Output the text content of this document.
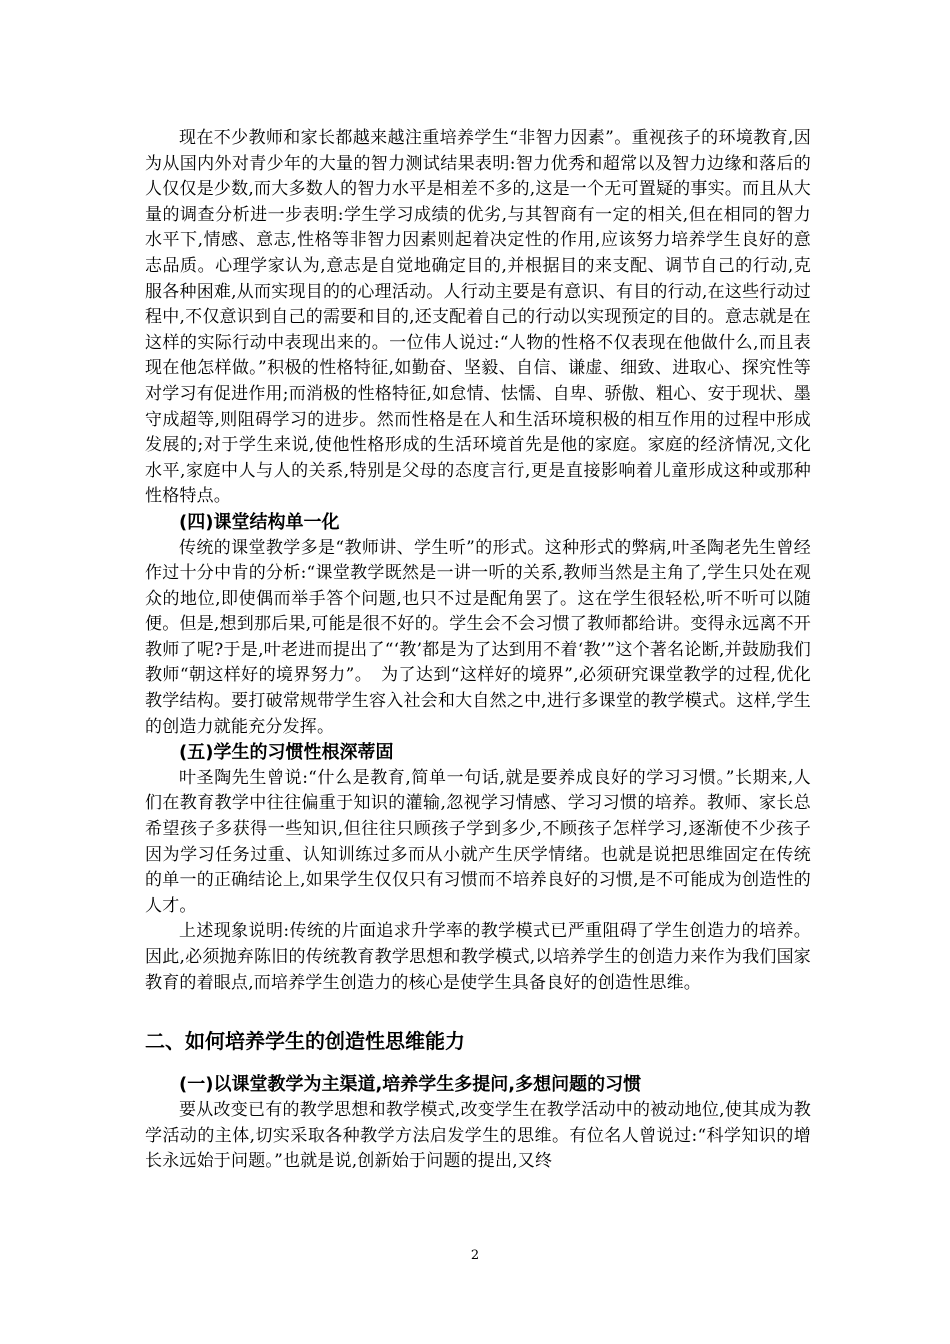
现在不少教师和家长都越来越注重培养学生“非智力因素”。重视孩子的环境教育,因为从国内外对青少年的大量的智力测试结果表明:智力优秀和超常以及智力边缘和落后的人仅仅是少数,而大多数人的智力水平是相差不多的,这是一个无可置疑的事实。而且从大量的调查分析进一步表明:学生学习成绩的优劣,与其智商有一定的相关,但在相同的智力水平下,情感、意志,性格等非智力因素则起着决定性的作用,应该努力培养学生良好的意志品质。心理学家认为,意志是自觉地确定目的,并根据目的来支配、调节自己的行动,克服各种困难,从而实现目的的心理活动。人行动主要是有意识、有目的行动,在这些行动过程中,不仅意识到自己的需要和目的,还支配着自己的行动以实现预定的目的。意志就是在这样的实际行动中表现出来的。一位伟人说过:“人物的性格不仅表现在他做什么,而且表现在他怎样做。”积极的性格特征,如勤奋、坚毅、自信、谦虚、细致、进取心、探究性等对学习有促进作用;而消极的性格特征,如怠情、怯懦、自卑、骄傲、粗心、安于现状、墨守成超等,则阻碍学习的进步。然而性格是在人和生活环境积极的相互作用的过程中形成发展的;对于学生来说,使他性格形成的生活环境首先是他的家庭。家庭的经济情况,文化水平,家庭中人与人的关系,特别是父母的态度言行,更是直接影响着儿童形成这种或那种性格特点。

(四)课堂结构单一化

传统的课堂教学多是“教师讲、学生听”的形式。这种形式的弊病,叶圣陶老先生曾经作过十分中肯的分析:“课堂教学既然是一讲一听的关系,教师当然是主角了,学生只处在观众的地位,即使偶而举手答个问题,也只不过是配角罢了。这在学生很轻松,听不听可以随便。但是,想到那后果,可能是很不好的。学生会不会习惯了教师都给讲。变得永远离不开教师了呢?于是,叶老进而提出了“‘教’都是为了达到用不着‘教’”这个著名论断,并鼓励我们教师“朝这样好的境界努力”。　为了达到“这样好的境界”,必须研究课堂教学的过程,优化教学结构。要打破常规带学生容入社会和大自然之中,进行多课堂的教学模式。这样,学生的创造力就能充分发挥。

(五)学生的习惯性根深蒂固

叶圣陶先生曾说:“什么是教育,简单一句话,就是要养成良好的学习习惯。”长期来,人们在教育教学中往往偏重于知识的灌输,忽视学习情感、学习习惯的培养。教师、家长总希望孩子多获得一些知识,但往往只顾孩子学到多少,不顾孩子怎样学习,逐渐使不少孩子因为学习任务过重、认知训练过多而从小就产生厌学情绪。也就是说把思维固定在传统的单一的正确结论上,如果学生仅仅只有习惯而不培养良好的习惯,是不可能成为创造性的人才。

上述现象说明:传统的片面追求升学率的教学模式已严重阻碍了学生创造力的培养。因此,必须抛弃陈旧的传统教育教学思想和教学模式,以培养学生的创造力来作为我们国家教育的着眼点,而培养学生创造力的核心是使学生具备良好的创造性思维。

二、如何培养学生的创造性思维能力
(一)以课堂教学为主渠道,培养学生多提问,多想问题的习惯

要从改变已有的教学思想和教学模式,改变学生在教学活动中的被动地位,使其成为教学活动的主体,切实采取各种教学方法启发学生的思维。有位名人曾说过:“科学知识的增长永远始于问题。”也就是说,创新始于问题的提出,又终

2
